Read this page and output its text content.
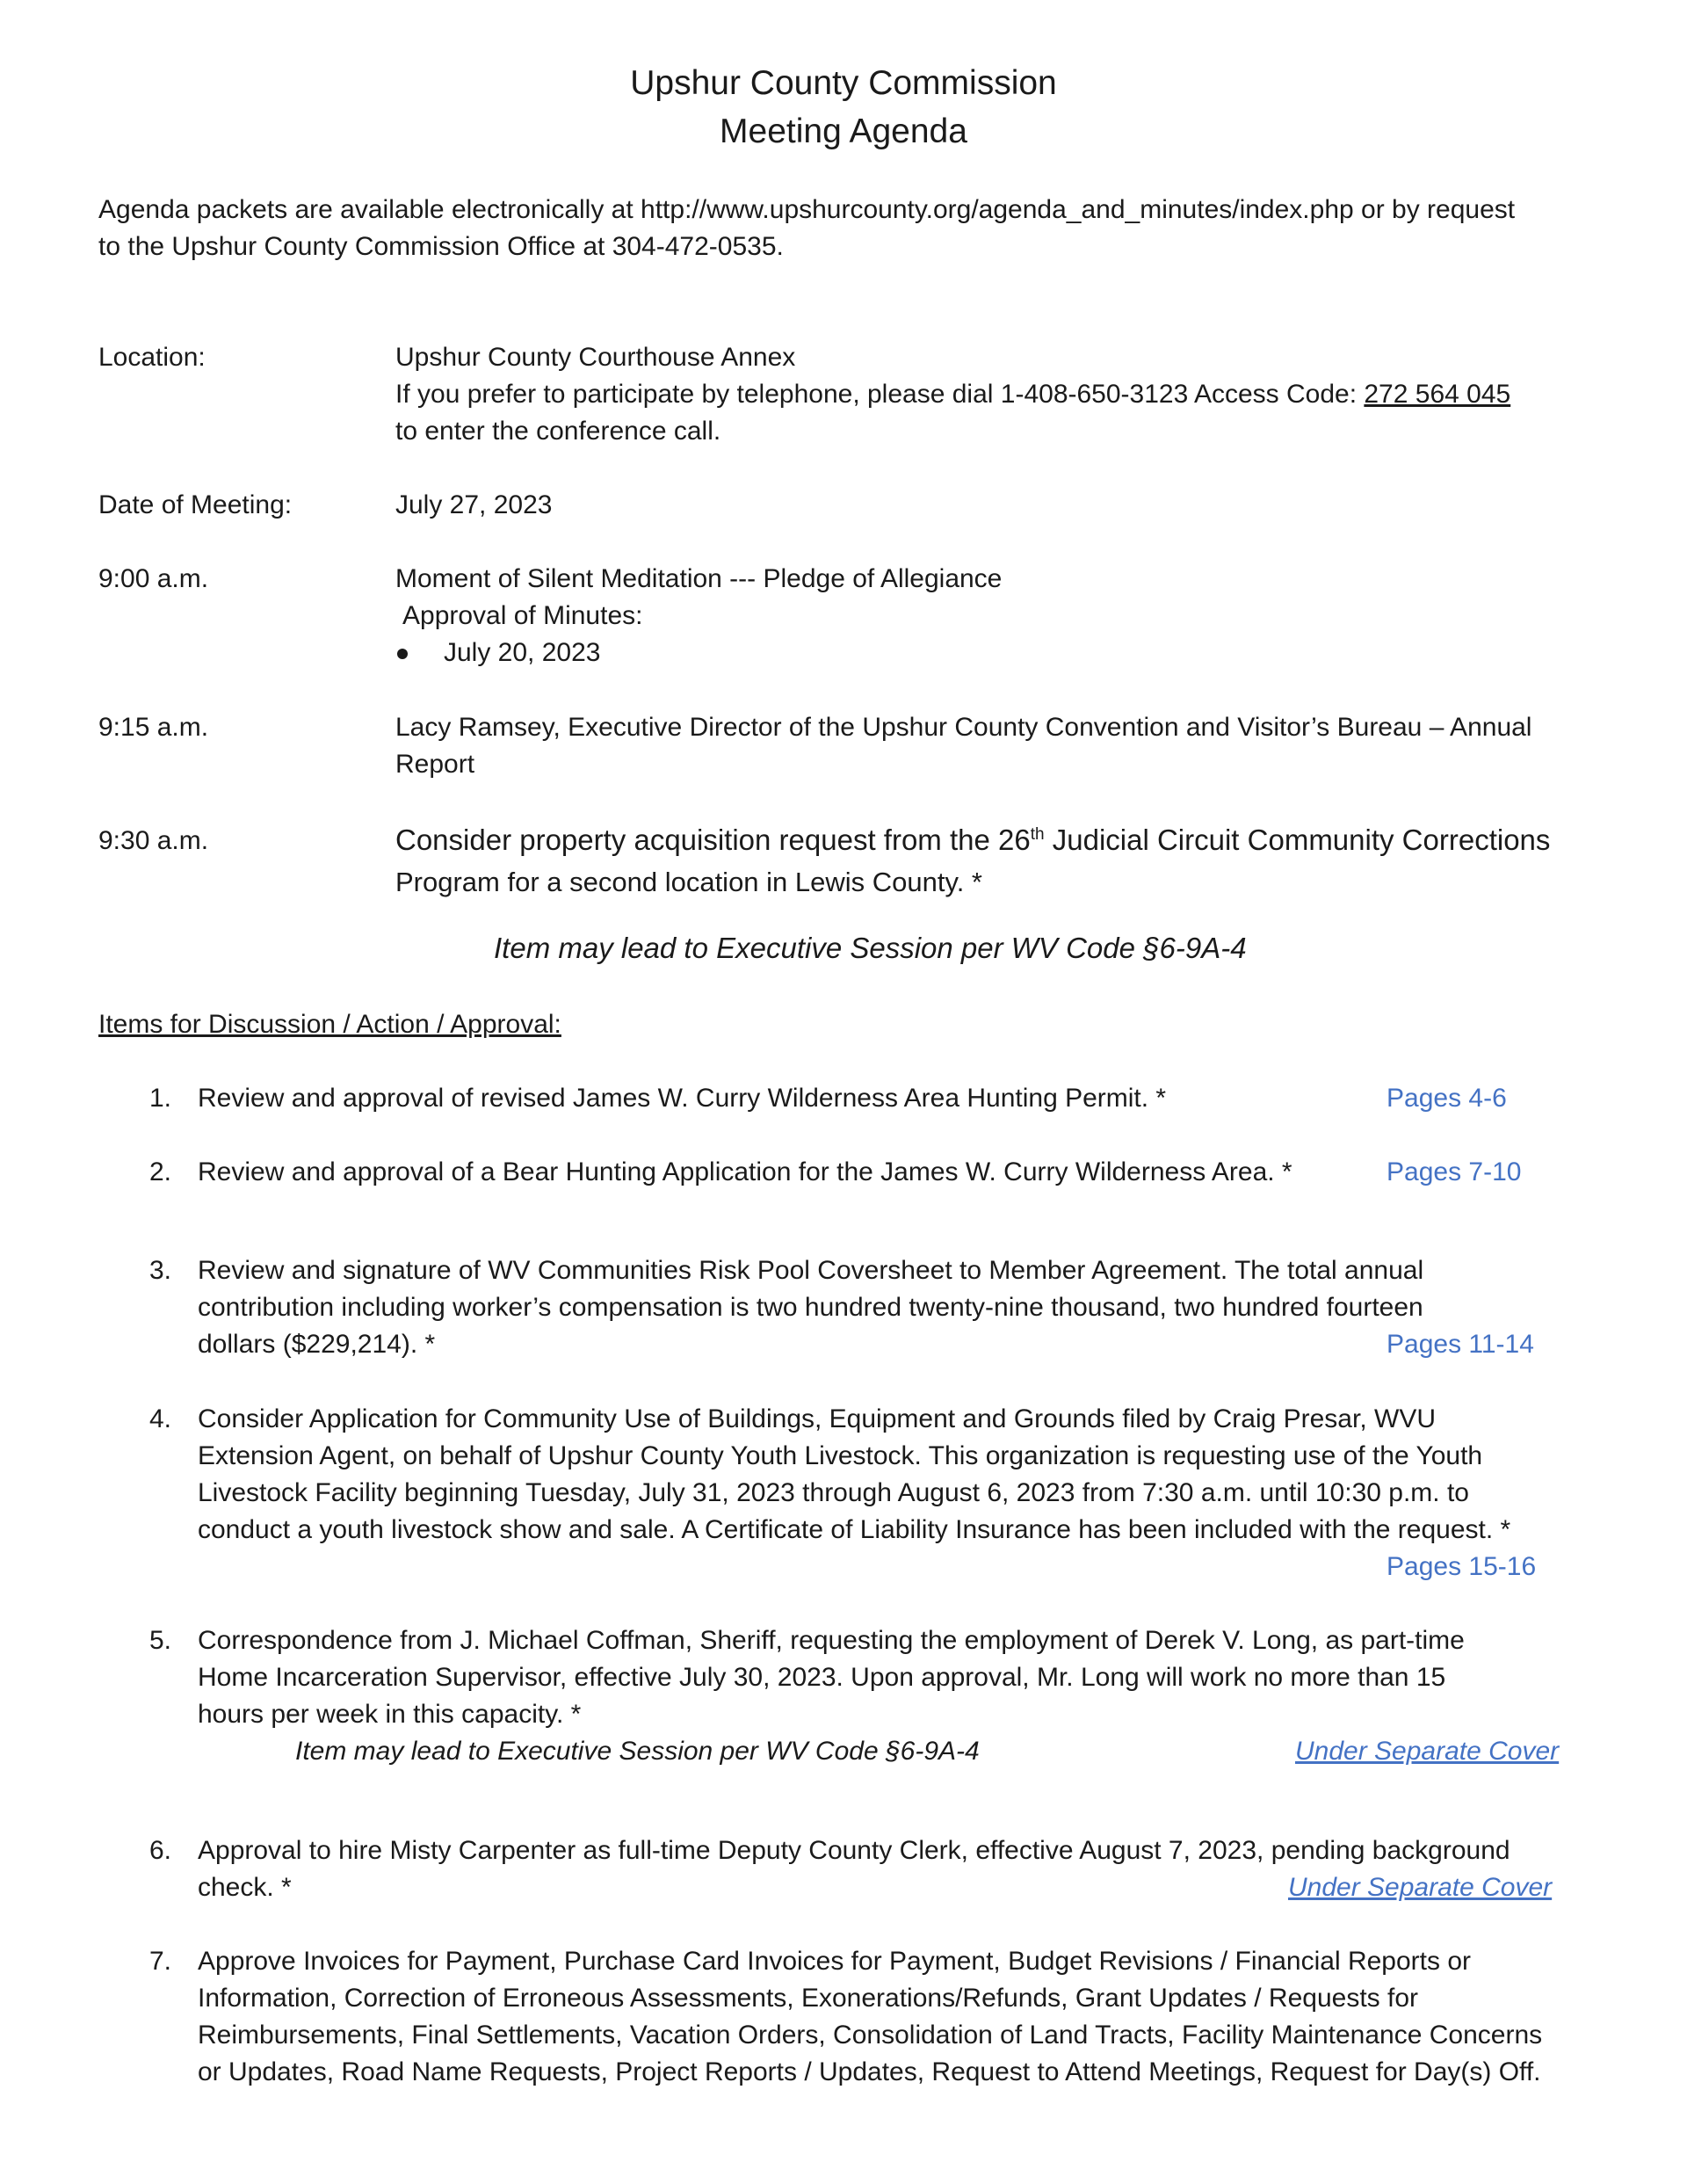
Upshur County Commission
Meeting Agenda
Agenda packets are available electronically at http://www.upshurcounty.org/agenda_and_minutes/index.php or by request
to the Upshur County Commission Office at 304-472-0535.
Location:	Upshur County Courthouse Annex
If you prefer to participate by telephone, please dial 1-408-650-3123 Access Code: 272 564 045
to enter the conference call.
Date of Meeting:	July 27, 2023
9:00 a.m.	Moment of Silent Meditation --- Pledge of Allegiance
Approval of Minutes:
July 20, 2023
9:15 a.m.	Lacy Ramsey, Executive Director of the Upshur County Convention and Visitor’s Bureau – Annual
Report
9:30 a.m.	Consider property acquisition request from the 26th Judicial Circuit Community Corrections
Program for a second location in Lewis County. *
Item may lead to Executive Session per WV Code §6-9A-4
Items for Discussion / Action / Approval:
1. Review and approval of revised James W. Curry Wilderness Area Hunting Permit. *	Pages 4-6
2. Review and approval of a Bear Hunting Application for the James W. Curry Wilderness Area. *	Pages 7-10
3. Review and signature of WV Communities Risk Pool Coversheet to Member Agreement. The total annual
contribution including worker’s compensation is two hundred twenty-nine thousand, two hundred fourteen
dollars ($229,214). *	Pages 11-14
4. Consider Application for Community Use of Buildings, Equipment and Grounds filed by Craig Presar, WVU
Extension Agent, on behalf of Upshur County Youth Livestock. This organization is requesting use of the Youth
Livestock Facility beginning Tuesday, July 31, 2023 through August 6, 2023 from 7:30 a.m. until 10:30 p.m. to
conduct a youth livestock show and sale. A Certificate of Liability Insurance has been included with the request. *
Pages 15-16
5. Correspondence from J. Michael Coffman, Sheriff, requesting the employment of Derek V. Long, as part-time
Home Incarceration Supervisor, effective July 30, 2023. Upon approval, Mr. Long will work no more than 15
hours per week in this capacity. *
Item may lead to Executive Session per WV Code §6-9A-4	Under Separate Cover
6. Approval to hire Misty Carpenter as full-time Deputy County Clerk, effective August 7, 2023, pending background
check. *	Under Separate Cover
7. Approve Invoices for Payment, Purchase Card Invoices for Payment, Budget Revisions / Financial Reports or
Information, Correction of Erroneous Assessments, Exonerations/Refunds, Grant Updates / Requests for
Reimbursements, Final Settlements, Vacation Orders, Consolidation of Land Tracts, Facility Maintenance Concerns
or Updates, Road Name Requests, Project Reports / Updates, Request to Attend Meetings, Request for Day(s) Off.
